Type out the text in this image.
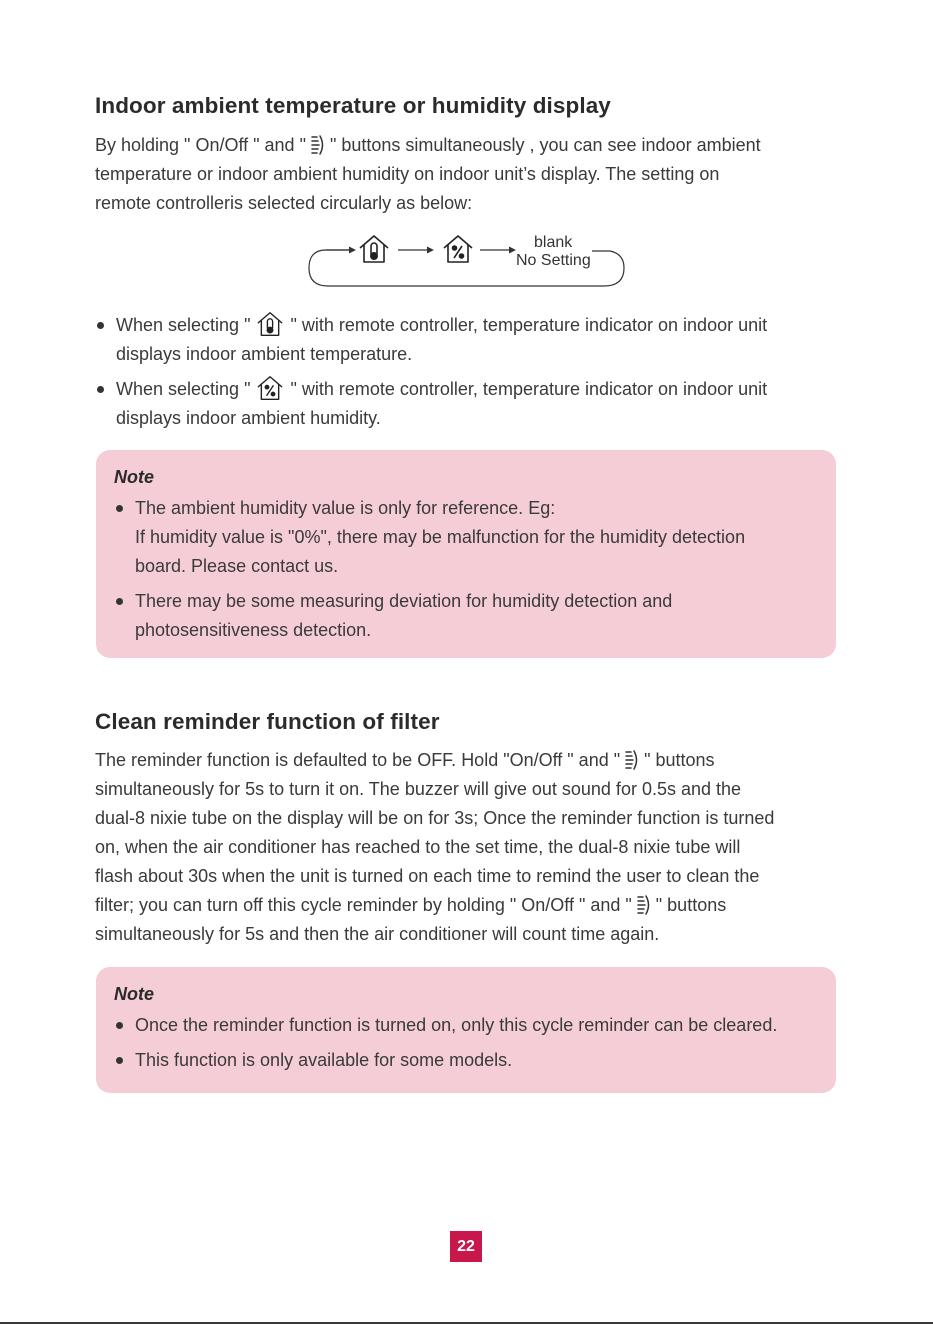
Indoor ambient temperature or humidity display
By holding " On/Off " and "  " buttons simultaneously , you can see indoor ambient
temperature or indoor ambient humidity on indoor unit’s display. The setting on
remote controlleris selected circularly as below:
blank
No Setting
When selecting "  " with remote controller, temperature indicator on indoor unit
displays indoor ambient temperature.
When selecting "  " with remote controller, temperature indicator on indoor unit
displays indoor ambient humidity.
Note
The ambient humidity value is only for reference. Eg:
If humidity value is "0%", there may be malfunction for the humidity detection
board. Please contact us.
There may be some measuring deviation for humidity detection and
photosensitiveness detection.
Clean reminder function of filter
The reminder function is defaulted to be OFF. Hold "On/Off " and "  " buttons
simultaneously for 5s to turn it on. The buzzer will give out sound for 0.5s and the
dual-8 nixie tube on the display will be on for 3s; Once the reminder function is turned
on, when the air conditioner has reached to the set time, the dual-8 nixie tube will
flash about 30s when the unit is turned on each time to remind the user to clean the
filter; you can turn off this cycle reminder by holding " On/Off " and "  " buttons
simultaneously for 5s and then the air conditioner will count time again.
Note
Once the reminder function is turned on, only this cycle reminder can be cleared.
This function is only available for some models.
22
